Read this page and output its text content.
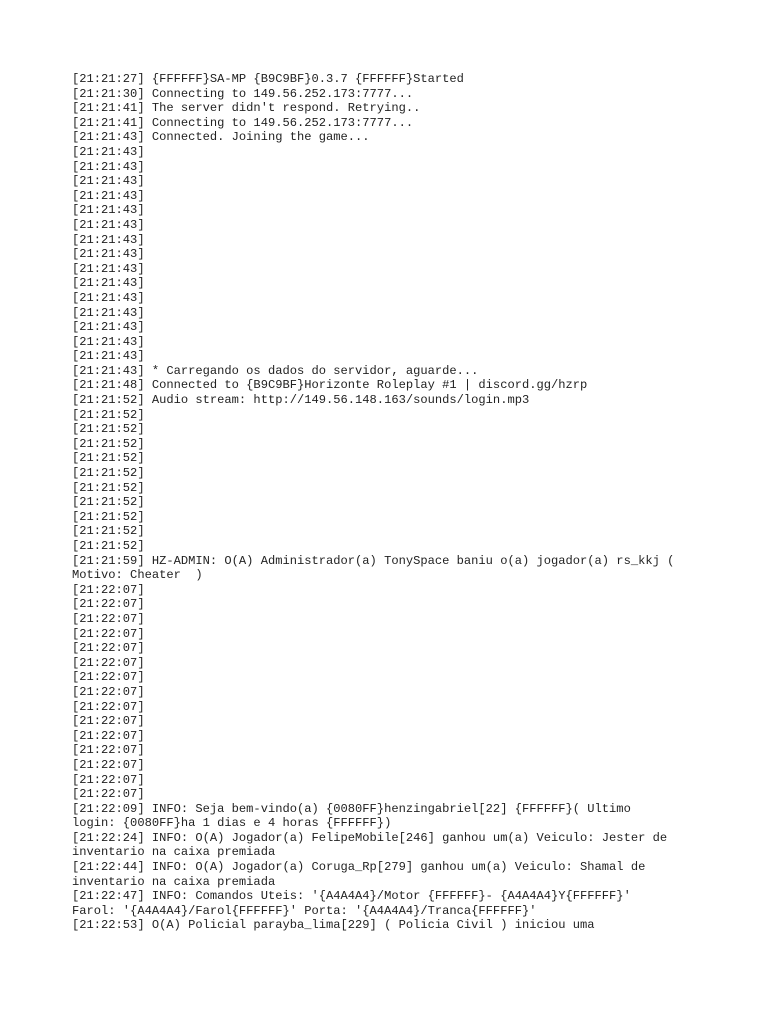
[21:21:27] {FFFFFF}SA-MP {B9C9BF}0.3.7 {FFFFFF}Started
[21:21:30] Connecting to 149.56.252.173:7777...
[21:21:41] The server didn't respond. Retrying..
[21:21:41] Connecting to 149.56.252.173:7777...
[21:21:43] Connected. Joining the game...
[21:21:43]
[21:21:43]
[21:21:43]
[21:21:43]
[21:21:43]
[21:21:43]
[21:21:43]
[21:21:43]
[21:21:43]
[21:21:43]
[21:21:43]
[21:21:43]
[21:21:43]
[21:21:43]
[21:21:43]
[21:21:43] * Carregando os dados do servidor, aguarde...
[21:21:48] Connected to {B9C9BF}Horizonte Roleplay #1 | discord.gg/hzrp
[21:21:52] Audio stream: http://149.56.148.163/sounds/login.mp3
[21:21:52]
[21:21:52]
[21:21:52]
[21:21:52]
[21:21:52]
[21:21:52]
[21:21:52]
[21:21:52]
[21:21:52]
[21:21:52]
[21:21:59] HZ-ADMIN: O(A) Administrador(a) TonySpace baniu o(a) jogador(a) rs_kkj (
Motivo: Cheater  )
[21:22:07]
[21:22:07]
[21:22:07]
[21:22:07]
[21:22:07]
[21:22:07]
[21:22:07]
[21:22:07]
[21:22:07]
[21:22:07]
[21:22:07]
[21:22:07]
[21:22:07]
[21:22:07]
[21:22:07]
[21:22:09] INFO: Seja bem-vindo(a) {0080FF}henzingabriel[22] {FFFFFF}( Ultimo
login: {0080FF}ha 1 dias e 4 horas {FFFFFF})
[21:22:24] INFO: O(A) Jogador(a) FelipeMobile[246] ganhou um(a) Veiculo: Jester de
inventario na caixa premiada
[21:22:44] INFO: O(A) Jogador(a) Coruga_Rp[279] ganhou um(a) Veiculo: Shamal de
inventario na caixa premiada
[21:22:47] INFO: Comandos Uteis: '{A4A4A4}/Motor {FFFFFF}- {A4A4A4}Y{FFFFFF}'
Farol: '{A4A4A4}/Farol{FFFFFF}' Porta: '{A4A4A4}/Tranca{FFFFFF}'
[21:22:53] O(A) Policial parayba_lima[229] ( Policia Civil ) iniciou uma
